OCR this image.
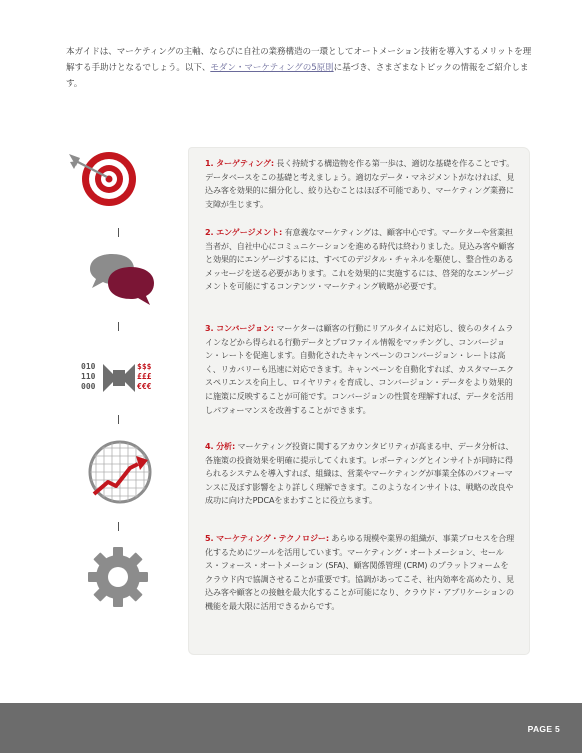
本ガイドは、マーケティングの主軸、ならびに自社の業務構造の一環としてオートメーション技術を導入するメリットを理解する手助けとなるでしょう。以下、モダン・マーケティングの5原則に基づき、さまざまなトピックの情報をご紹介します。
010
110
000
$$$
£££
€€€
1. ターゲティング: 長く持続する構造物を作る第一歩は、適切な基礎を作ることです。データベースをこの基礎と考えましょう。適切なデータ・マネジメントがなければ、見込み客を効果的に細分化し、絞り込むことはほぼ不可能であり、マーケティング業務に支障が生じます。
2. エンゲージメント: 有意義なマーケティングは、顧客中心です。マーケターや営業担当者が、自社中心にコミュニケーションを進める時代は終わりました。見込み客や顧客と効果的にエンゲージするには、すべてのデジタル・チャネルを駆使し、整合性のあるメッセージを送る必要があります。これを効果的に実施するには、啓発的なエンゲージメントを可能にするコンテンツ・マーケティング戦略が必要です。
3. コンバージョン: マーケターは顧客の行動にリアルタイムに対応し、彼らのタイムラインなどから得られる行動データとプロファイル情報をマッチングし、コンバージョン・レートを促進します。自動化されたキャンペーンのコンバージョン・レートは高く、リカバリーも迅速に対応できます。キャンペーンを自動化すれば、カスタマーエクスペリエンスを向上し、ロイヤリティを育成し、コンバージョン・データをより効果的に施策に反映することが可能です。コンバージョンの性質を理解すれば、データを活用しパフォーマンスを改善することができます。
4. 分析: マーケティング投資に関するアカウンタビリティが高まる中、データ分析は、各施策の投資効果を明確に提示してくれます。レポーティングとインサイトが同時に得られるシステムを導入すれば、組織は、営業やマーケティングが事業全体のパフォーマンスに及ぼす影響をより詳しく理解できます。このようなインサイトは、戦略の改良や成功に向けたPDCAをまわすことに役立ちます。
5. マーケティング・テクノロジー: あらゆる規模や業界の組織が、事業プロセスを合理化するためにツールを活用しています。マーケティング・オートメーション、セールス・フォース・オートメーション (SFA)、顧客関係管理 (CRM) のプラットフォームをクラウド内で協調させることが重要です。協調があってこそ、社内効率を高めたり、見込み客や顧客との接触を最大化することが可能になり、クラウド・アプリケーションの機能を最大限に活用できるからです。
PAGE 5
